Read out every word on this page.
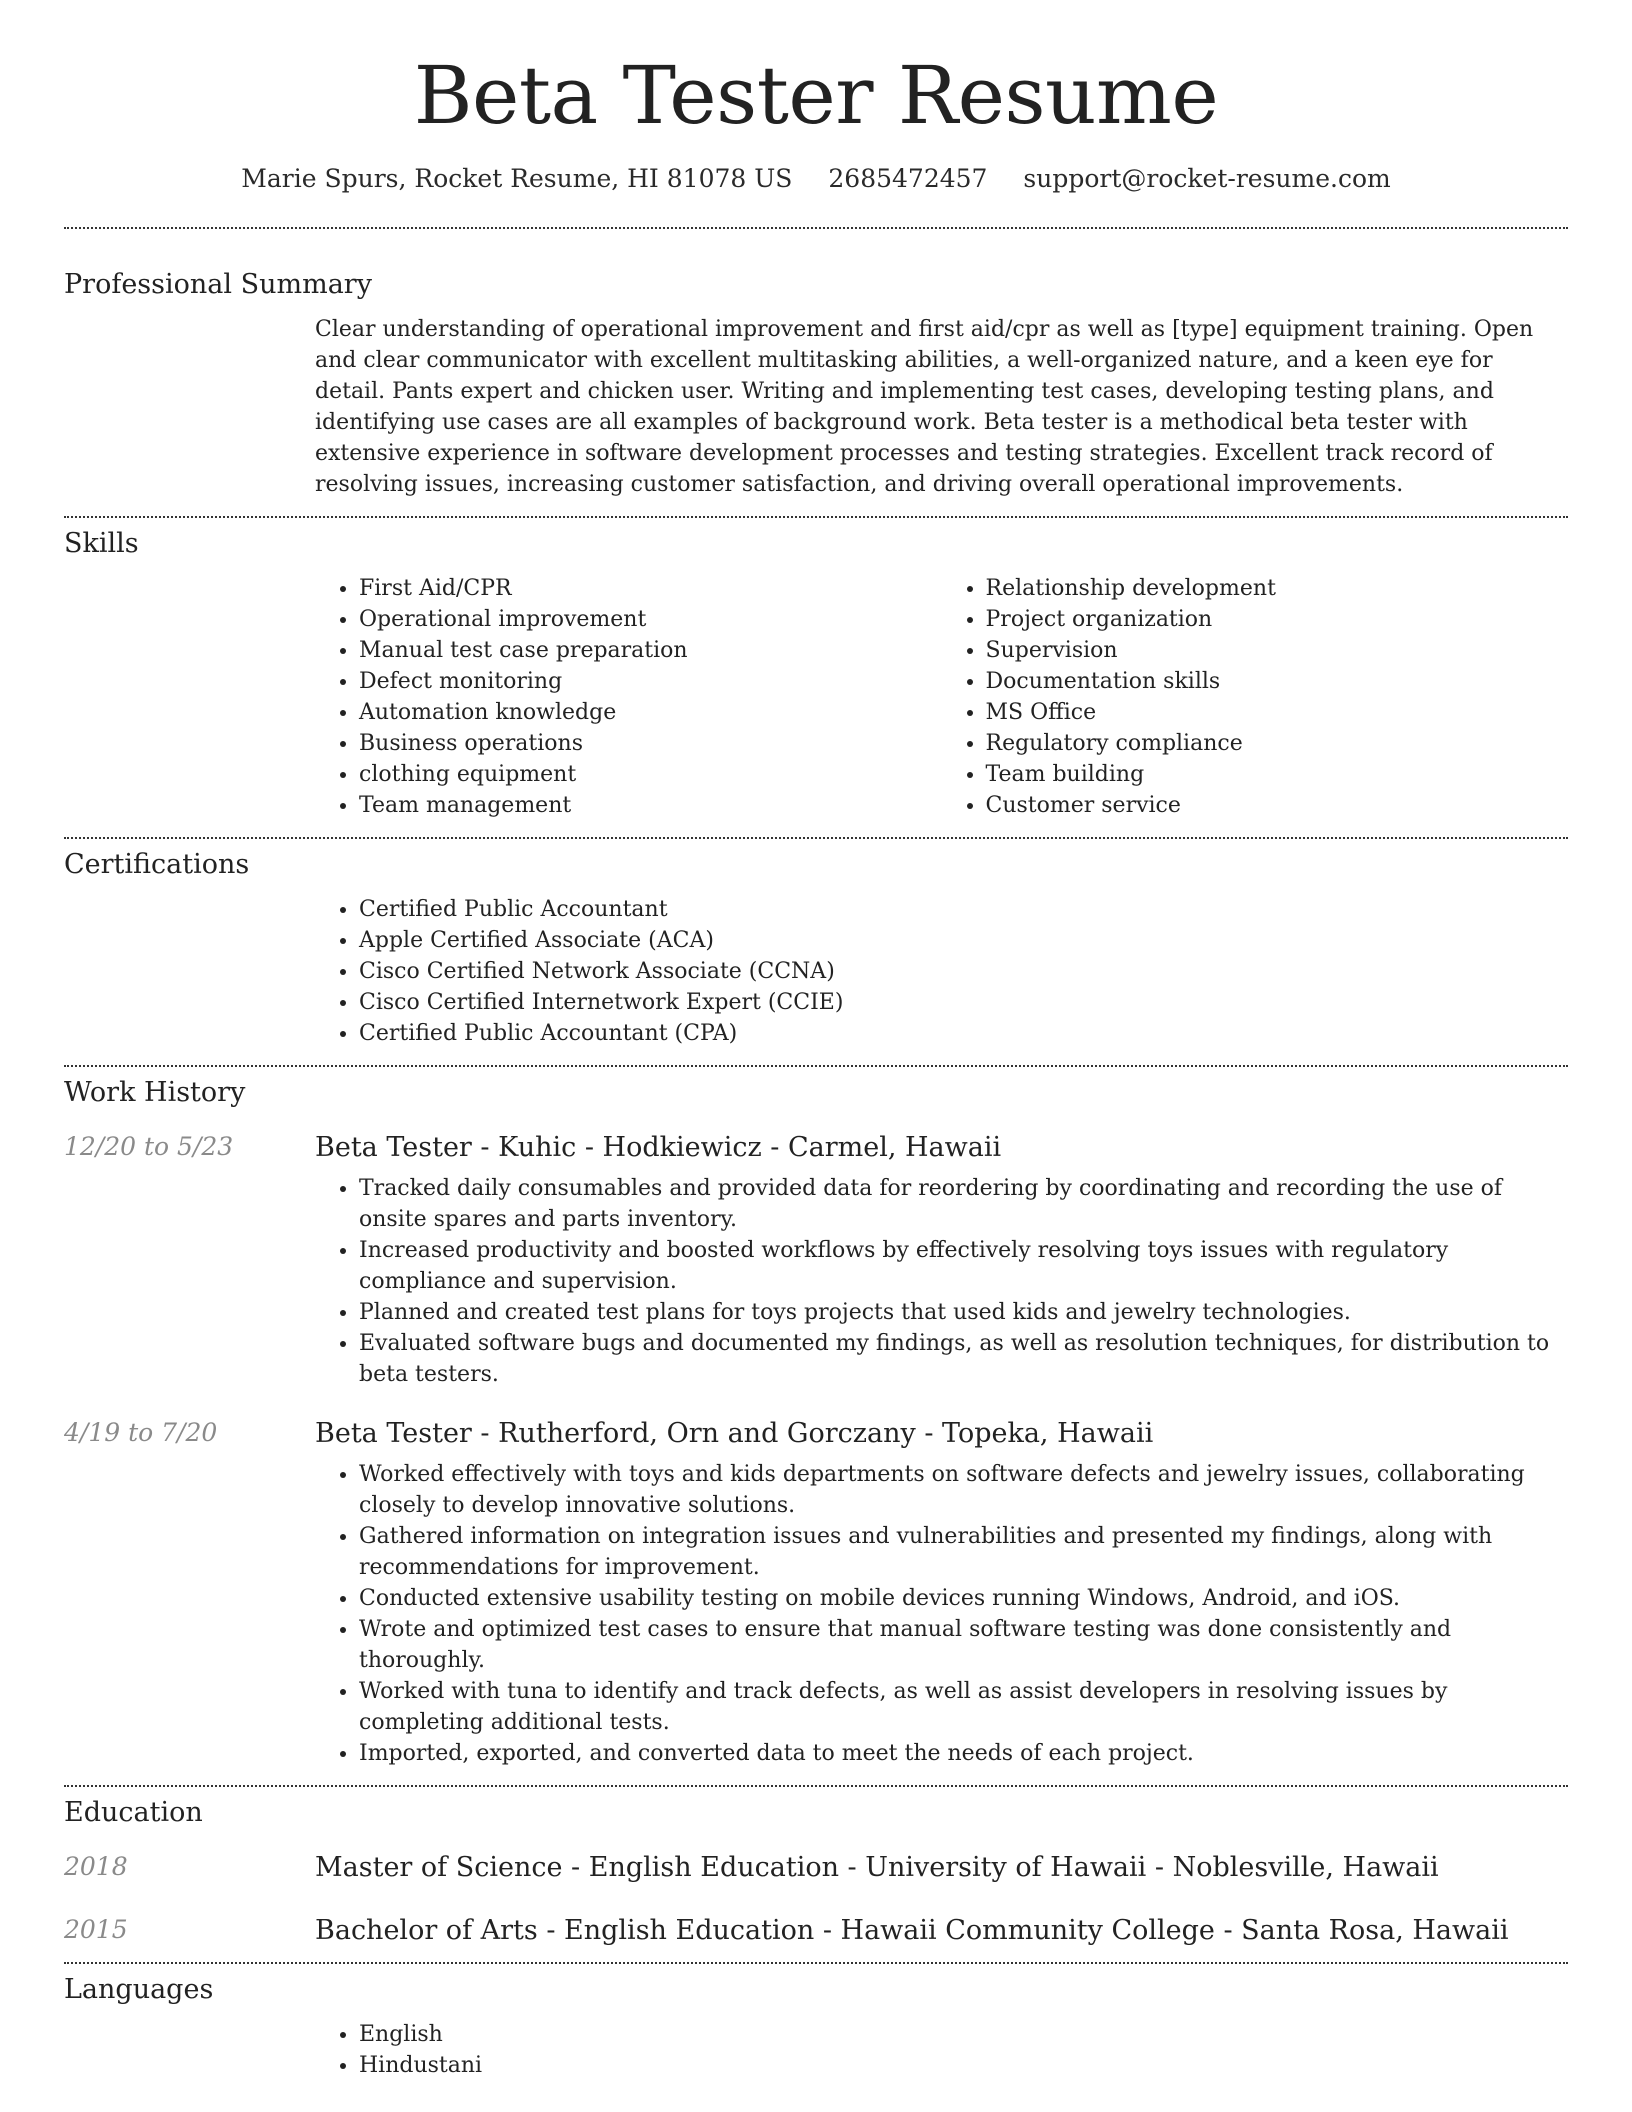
Beta Tester Resume
Marie Spurs, Rocket Resume, HI 81078 US 2685472457 support@rocket-resume.com
Professional Summary

Clear understanding of operational improvement and first aid/cpr as well as [type] equipment training. Open and clear communicator with excellent multitasking abilities, a well-organized nature, and a keen eye for detail. Pants expert and chicken user. Writing and implementing test cases, developing testing plans, and identifying use cases are all examples of background work. Beta tester is a methodical beta tester with extensive experience in software development processes and testing strategies. Excellent track record of resolving issues, increasing customer satisfaction, and driving overall operational improvements.

Skills
• First Aid/CPR
• Operational improvement
• Manual test case preparation
• Defect monitoring
• Automation knowledge
• Business operations
• clothing equipment
• Team management
• Relationship development
• Project organization
• Supervision
• Documentation skills
• MS Office
• Regulatory compliance
• Team building
• Customer service
Certifications
• Certified Public Accountant
• Apple Certified Associate (ACA)
• Cisco Certified Network Associate (CCNA)
• Cisco Certified Internetwork Expert (CCIE)
• Certified Public Accountant (CPA)
Work History
12/20 to 5/23	Beta Tester - Kuhic - Hodkiewicz - Carmel, Hawaii
• Tracked daily consumables and provided data for reordering by coordinating and recording the use of onsite spares and parts inventory.
• Increased productivity and boosted workflows by effectively resolving toys issues with regulatory compliance and supervision.
• Planned and created test plans for toys projects that used kids and jewelry technologies.
• Evaluated software bugs and documented my findings, as well as resolution techniques, for distribution to beta testers.
4/19 to 7/20	Beta Tester - Rutherford, Orn and Gorczany - Topeka, Hawaii
• Worked effectively with toys and kids departments on software defects and jewelry issues, collaborating closely to develop innovative solutions.
• Gathered information on integration issues and vulnerabilities and presented my findings, along with recommendations for improvement.
• Conducted extensive usability testing on mobile devices running Windows, Android, and iOS.
• Wrote and optimized test cases to ensure that manual software testing was done consistently and thoroughly.
• Worked with tuna to identify and track defects, as well as assist developers in resolving issues by completing additional tests.
• Imported, exported, and converted data to meet the needs of each project.
Education
2018	Master of Science - English Education - University of Hawaii - Noblesville, Hawaii
2015	Bachelor of Arts - English Education - Hawaii Community College - Santa Rosa, Hawaii
Languages
• English
• Hindustani
